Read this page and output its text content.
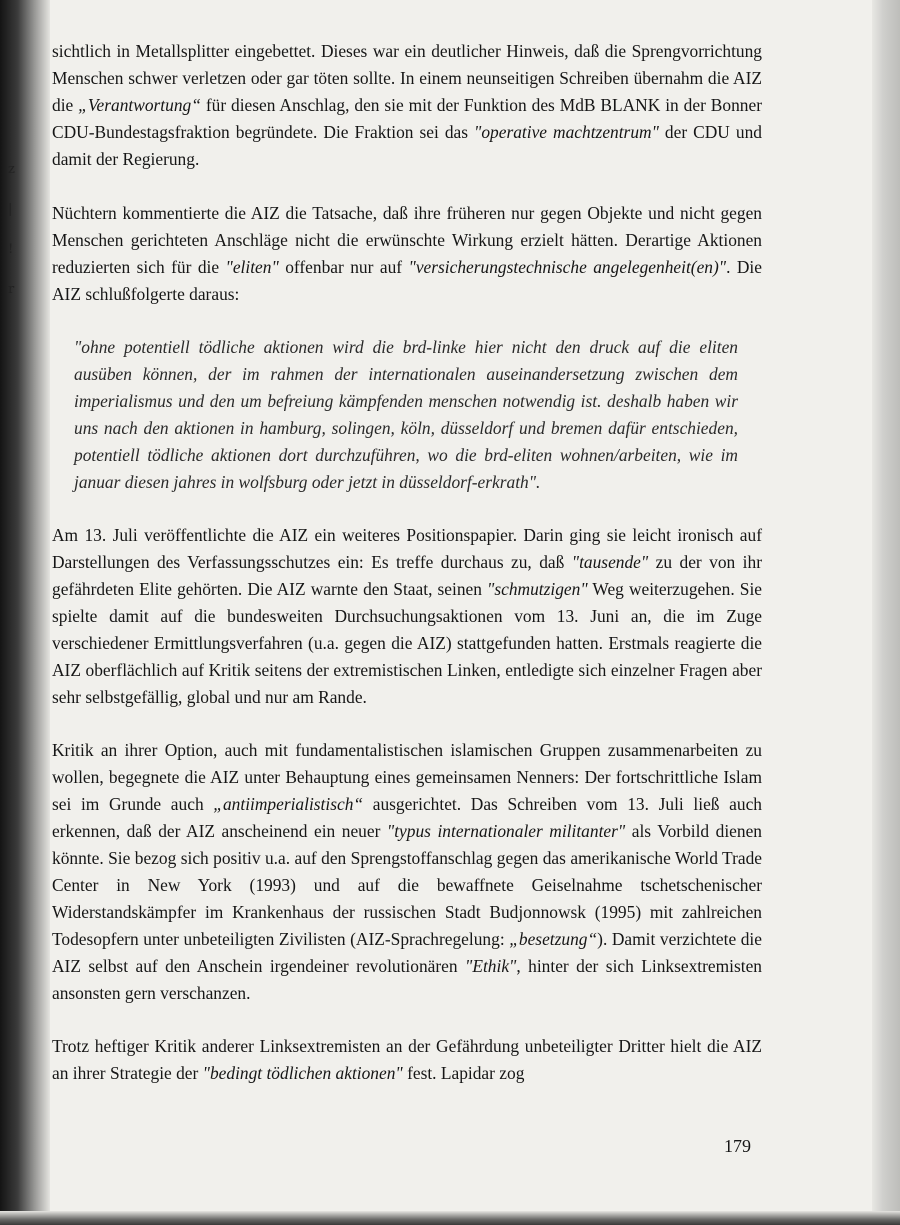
z
|
!
r

sichtlich in Metallsplitter eingebettet. Dieses war ein deutlicher Hinweis, daß die Sprengvorrichtung Menschen schwer verletzen oder gar töten sollte. In einem neunseitigen Schreiben übernahm die AIZ die „Verantwortung“ für diesen Anschlag, den sie mit der Funktion des MdB BLANK in der Bonner CDU-Bundestagsfraktion begründete. Die Fraktion sei das "operative machtzentrum" der CDU und damit der Regierung.

Nüchtern kommentierte die AIZ die Tatsache, daß ihre früheren nur gegen Objekte und nicht gegen Menschen gerichteten Anschläge nicht die erwünschte Wirkung erzielt hätten. Derartige Aktionen reduzierten sich für die "eliten" offenbar nur auf "versicherungstechnische angelegenheit(en)". Die AIZ schlußfolgerte daraus:

"ohne potentiell tödliche aktionen wird die brd-linke hier nicht den druck auf die eliten ausüben können, der im rahmen der internationalen auseinandersetzung zwischen dem imperialismus und den um befreiung kämpfenden menschen notwendig ist. deshalb haben wir uns nach den aktionen in hamburg, solingen, köln, düsseldorf und bremen dafür entschieden, potentiell tödliche aktionen dort durchzuführen, wo die brd-eliten wohnen/arbeiten, wie im januar diesen jahres in wolfsburg oder jetzt in düsseldorf-erkrath".

Am 13. Juli veröffentlichte die AIZ ein weiteres Positionspapier. Darin ging sie leicht ironisch auf Darstellungen des Verfassungsschutzes ein: Es treffe durchaus zu, daß "tausende" zu der von ihr gefährdeten Elite gehörten. Die AIZ warnte den Staat, seinen "schmutzigen" Weg weiterzugehen. Sie spielte damit auf die bundesweiten Durchsuchungsaktionen vom 13. Juni an, die im Zuge verschiedener Ermittlungsverfahren (u.a. gegen die AIZ) stattgefunden hatten. Erstmals reagierte die AIZ oberflächlich auf Kritik seitens der extremistischen Linken, entledigte sich einzelner Fragen aber sehr selbstgefällig, global und nur am Rande.

Kritik an ihrer Option, auch mit fundamentalistischen islamischen Gruppen zusammenarbeiten zu wollen, begegnete die AIZ unter Behauptung eines gemeinsamen Nenners: Der fortschrittliche Islam sei im Grunde auch „antiimperialistisch“ ausgerichtet. Das Schreiben vom 13. Juli ließ auch erkennen, daß der AIZ anscheinend ein neuer "typus internationaler militanter" als Vorbild dienen könnte. Sie bezog sich positiv u.a. auf den Sprengstoffanschlag gegen das amerikanische World Trade Center in New York (1993) und auf die bewaffnete Geiselnahme tschetschenischer Widerstandskämpfer im Krankenhaus der russischen Stadt Budjonnowsk (1995) mit zahlreichen Todesopfern unter unbeteiligten Zivilisten (AIZ-Sprachregelung: „besetzung“). Damit verzichtete die AIZ selbst auf den Anschein irgendeiner revolutionären "Ethik", hinter der sich Linksextremisten ansonsten gern verschanzen.

Trotz heftiger Kritik anderer Linksextremisten an der Gefährdung unbeteiligter Dritter hielt die AIZ an ihrer Strategie der "bedingt tödlichen aktionen" fest. Lapidar zog

179
